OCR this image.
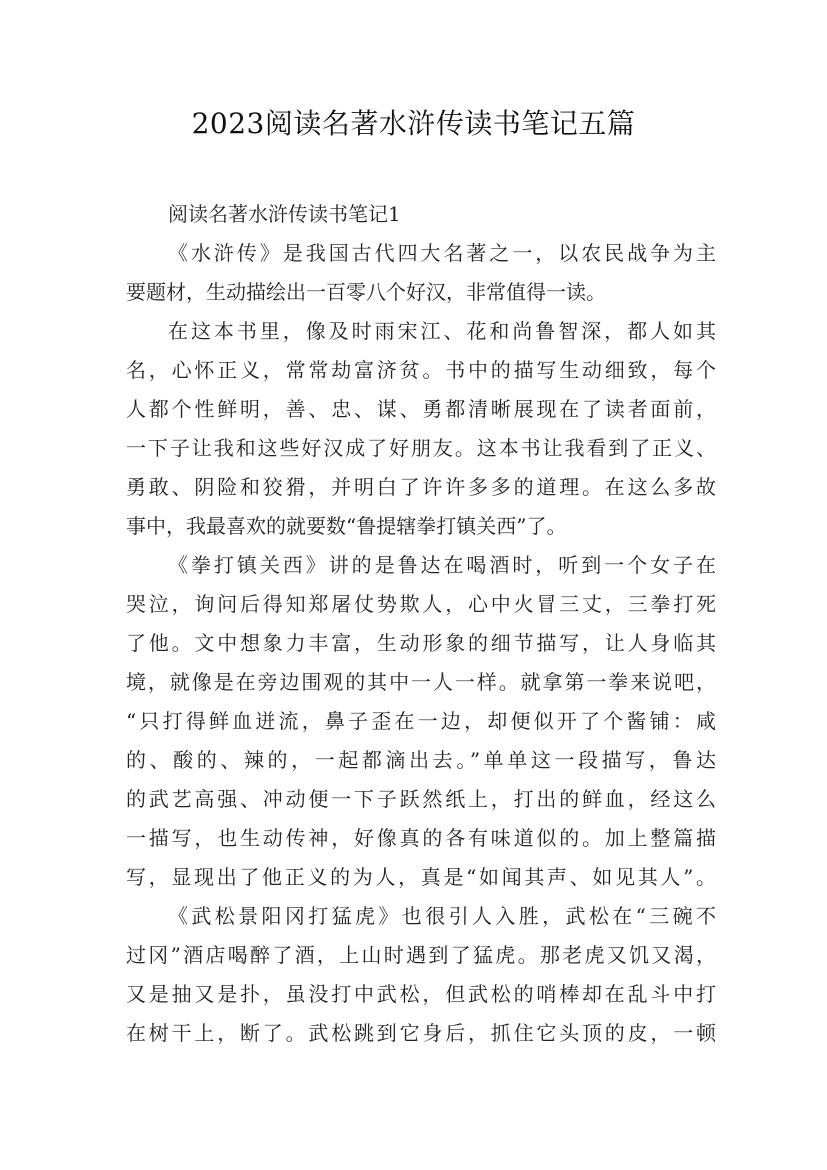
2023阅读名著水浒传读书笔记五篇
阅读名著水浒传读书笔记1
《水浒传》是我国古代四大名著之一，以农民战争为主
要题材，生动描绘出一百零八个好汉，非常值得一读。
在这本书里，像及时雨宋江、花和尚鲁智深，都人如其
名，心怀正义，常常劫富济贫。书中的描写生动细致，每个
人都个性鲜明，善、忠、谋、勇都清晰展现在了读者面前，
一下子让我和这些好汉成了好朋友。这本书让我看到了正义、
勇敢、阴险和狡猾，并明白了许许多多的道理。在这么多故
事中，我最喜欢的就要数“鲁提辖拳打镇关西”了。
《拳打镇关西》讲的是鲁达在喝酒时，听到一个女子在
哭泣，询问后得知郑屠仗势欺人，心中火冒三丈，三拳打死
了他。文中想象力丰富，生动形象的细节描写，让人身临其
境，就像是在旁边围观的其中一人一样。就拿第一拳来说吧，
“只打得鲜血迸流，鼻子歪在一边，却便似开了个酱铺：咸
的、酸的、辣的，一起都滴出去。”单单这一段描写，鲁达
的武艺高强、冲动便一下子跃然纸上，打出的鲜血，经这么
一描写，也生动传神，好像真的各有味道似的。加上整篇描
写，显现出了他正义的为人，真是“如闻其声、如见其人”。
《武松景阳冈打猛虎》也很引人入胜，武松在“三碗不
过冈”酒店喝醉了酒，上山时遇到了猛虎。那老虎又饥又渴，
又是抽又是扑，虽没打中武松，但武松的哨棒却在乱斗中打
在树干上，断了。武松跳到它身后，抓住它头顶的皮，一顿
